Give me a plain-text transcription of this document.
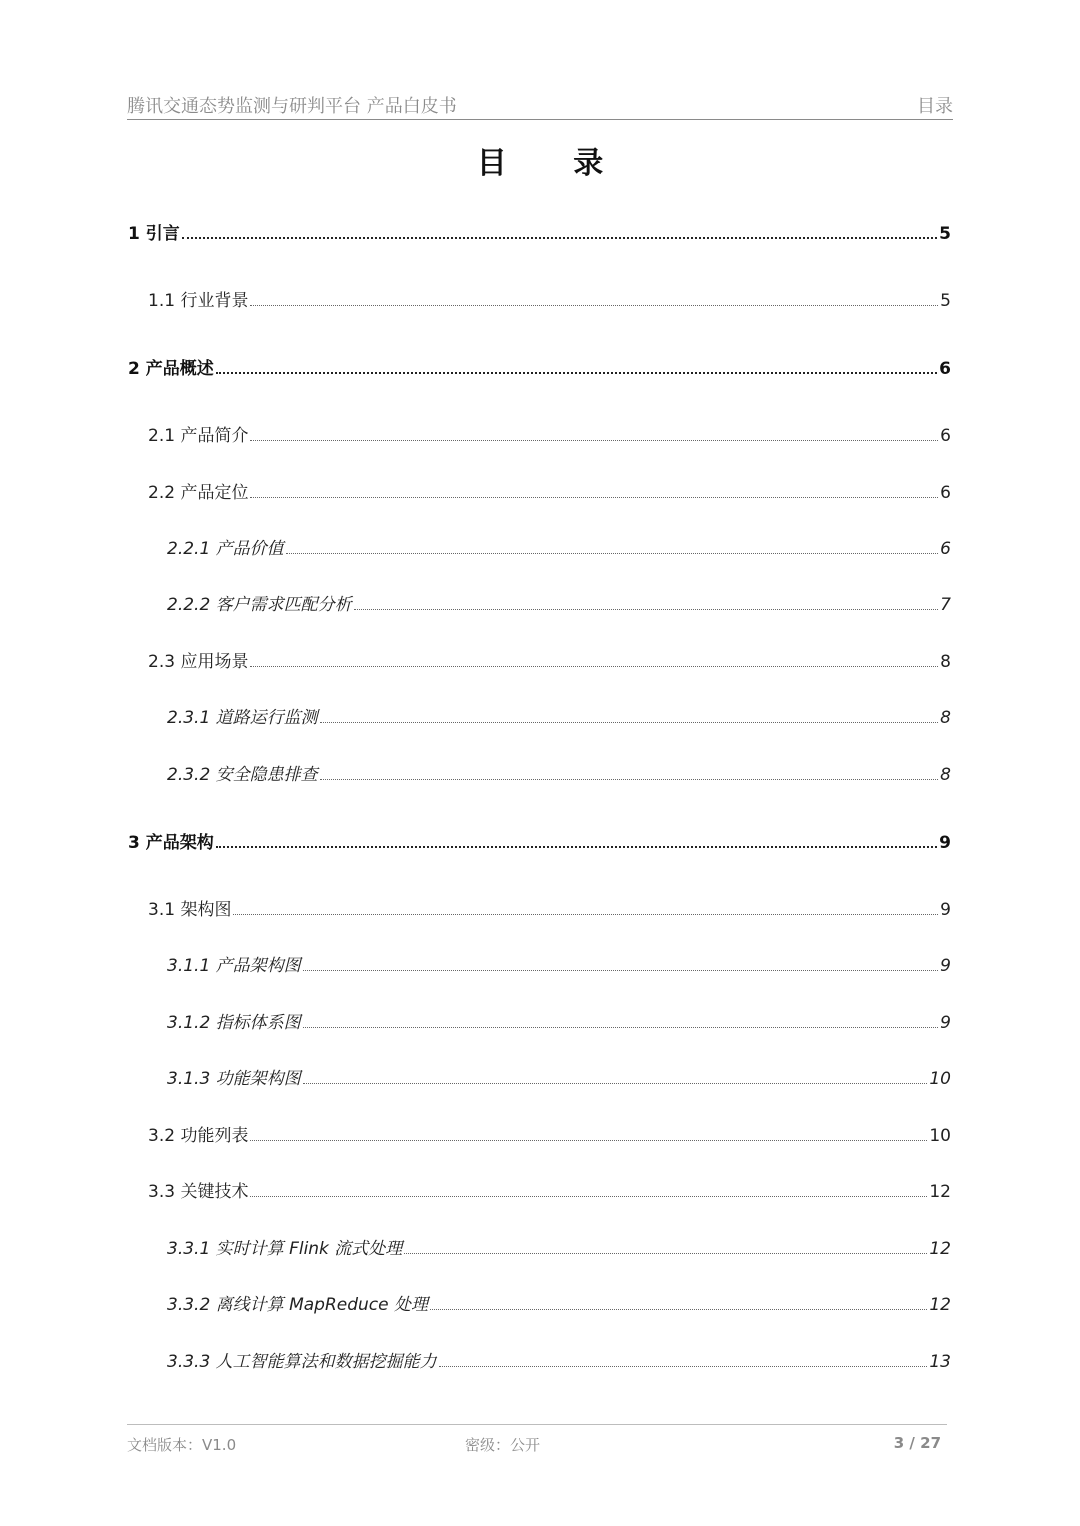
腾讯交通态势监测与研判平台 产品白皮书	目录
目 录
1 引言	5
1.1 行业背景	5
2 产品概述	6
2.1 产品简介	6
2.2 产品定位	6
2.2.1 产品价值	6
2.2.2 客户需求匹配分析	7
2.3 应用场景	8
2.3.1 道路运行监测	8
2.3.2 安全隐患排查	8
3 产品架构	9
3.1 架构图	9
3.1.1 产品架构图	9
3.1.2 指标体系图	9
3.1.3 功能架构图	10
3.2 功能列表	10
3.3 关键技术	12
3.3.1 实时计算 Flink 流式处理	12
3.3.2 离线计算 MapReduce 处理	12
3.3.3 人工智能算法和数据挖掘能力	13
文档版本：V1.0	密级：公开	3 / 27
